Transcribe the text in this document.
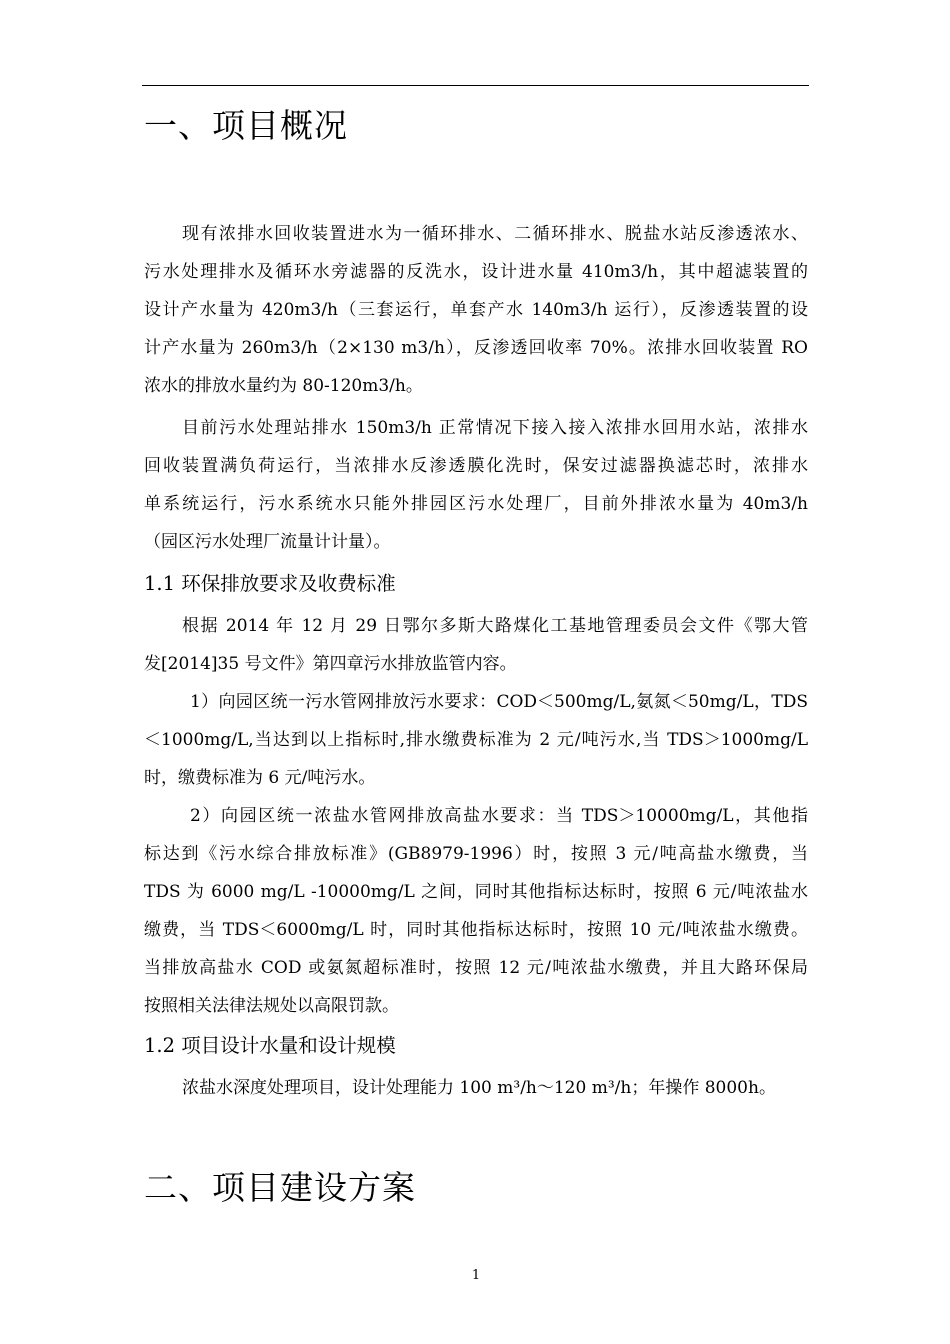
一、项目概况
现有浓排水回收装置进水为一循环排水、二循环排水、脱盐水站反渗透浓水、
污水处理排水及循环水旁滤器的反洗水，设计进水量 410m3/h，其中超滤装置的
设计产水量为 420m3/h（三套运行，单套产水 140m3/h 运行），反渗透装置的设
计产水量为 260m3/h（2×130 m3/h），反渗透回收率 70%。浓排水回收装置 RO
浓水的排放水量约为 80-120m3/h。
目前污水处理站排水 150m3/h 正常情况下接入接入浓排水回用水站，浓排水
回收装置满负荷运行，当浓排水反渗透膜化洗时，保安过滤器换滤芯时，浓排水
单系统运行，污水系统水只能外排园区污水处理厂，目前外排浓水量为 40m3/h
（园区污水处理厂流量计计量）。
1.1 环保排放要求及收费标准
根据 2014 年 12 月 29 日鄂尔多斯大路煤化工基地管理委员会文件《鄂大管
发[2014]35 号文件》第四章污水排放监管内容。
1）向园区统一污水管网排放污水要求：COD＜500mg/L,氨氮＜50mg/L，TDS
＜1000mg/L,当达到以上指标时,排水缴费标准为 2 元/吨污水,当 TDS＞1000mg/L
时，缴费标准为 6 元/吨污水。
2）向园区统一浓盐水管网排放高盐水要求：当 TDS＞10000mg/L，其他指
标达到《污水综合排放标准》(GB8979-1996）时，按照 3 元/吨高盐水缴费，当
TDS 为 6000 mg/L -10000mg/L 之间，同时其他指标达标时，按照 6 元/吨浓盐水
缴费，当 TDS＜6000mg/L 时，同时其他指标达标时，按照 10 元/吨浓盐水缴费。
当排放高盐水 COD 或氨氮超标准时，按照 12 元/吨浓盐水缴费，并且大路环保局
按照相关法律法规处以高限罚款。
1.2 项目设计水量和设计规模
浓盐水深度处理项目，设计处理能力 100 m³/h～120 m³/h；年操作 8000h。
二、项目建设方案
1
